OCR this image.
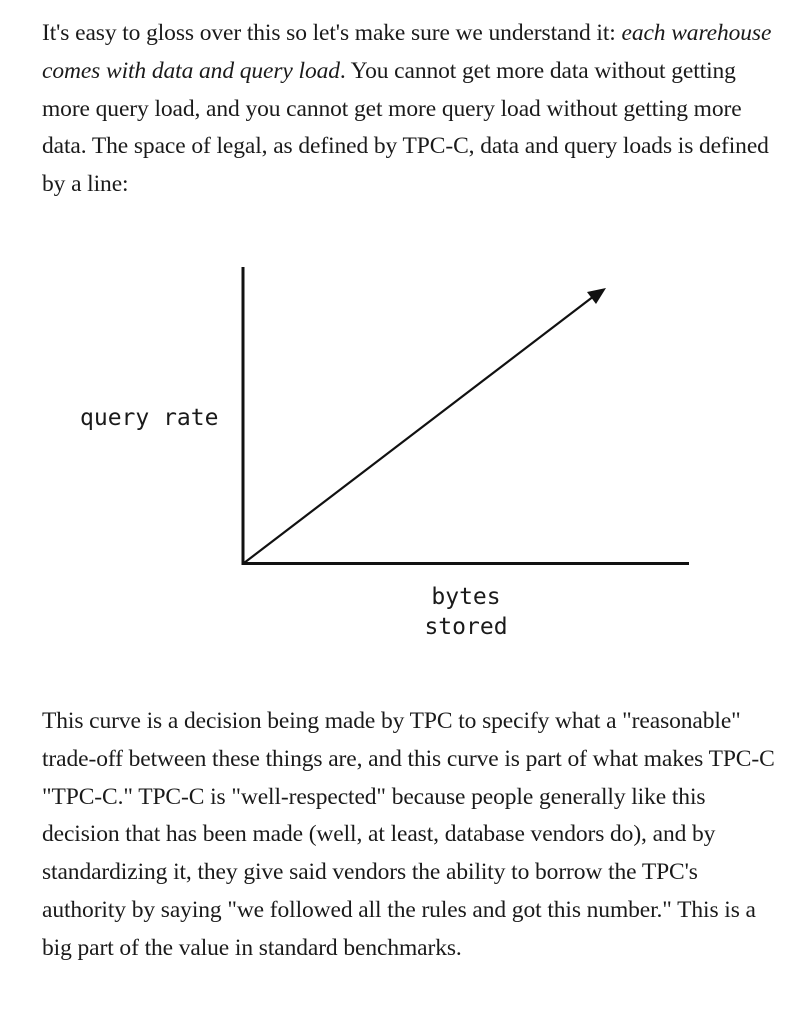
It's easy to gloss over this so let's make sure we understand it: each warehouse comes with data and query load. You cannot get more data without getting more query load, and you cannot get more query load without getting more data. The space of legal, as defined by TPC-C, data and query loads is defined by a line:

query rate
bytes
stored

This curve is a decision being made by TPC to specify what a "reasonable" trade-off between these things are, and this curve is part of what makes TPC-C "TPC-C." TPC-C is "well-respected" because people generally like this decision that has been made (well, at least, database vendors do), and by standardizing it, they give said vendors the ability to borrow the TPC's authority by saying "we followed all the rules and got this number." This is a big part of the value in standard benchmarks.
